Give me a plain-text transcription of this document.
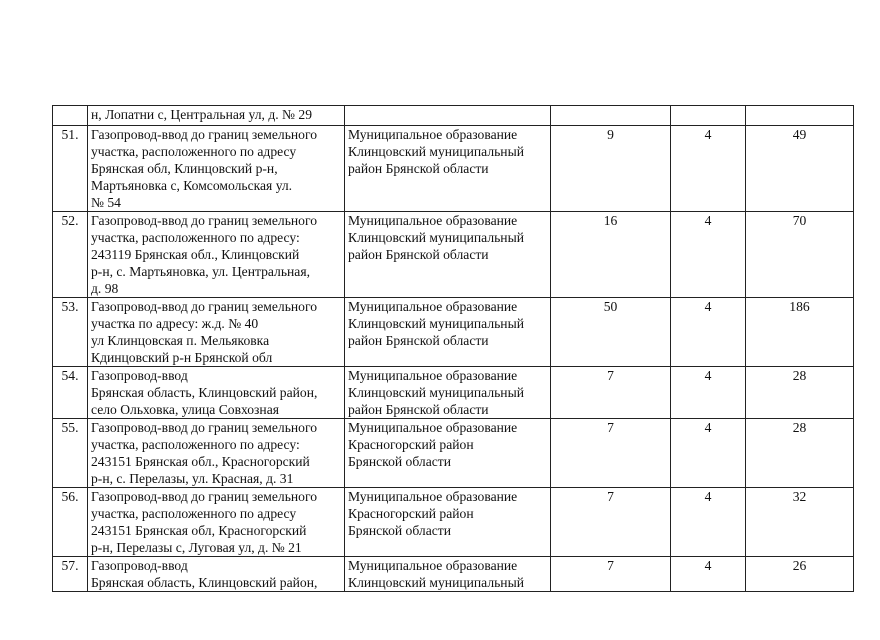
	н, Лопатни с, Центральная ул, д. № 29				
51.	Газопровод-ввод до границ земельного
участка, расположенного по адресу
Брянская обл, Клинцовский р-н,
Мартьяновка с, Комсомольская ул.
№ 54	Муниципальное образование
Клинцовский муниципальный
район Брянской области	9	4	49
52.	Газопровод-ввод до границ земельного
участка, расположенного по адресу:
243119 Брянская обл., Клинцовский
р-н, с. Мартьяновка, ул. Центральная,
д. 98	Муниципальное образование
Клинцовский муниципальный
район Брянской области	16	4	70
53.	Газопровод-ввод до границ земельного
участка по адресу: ж.д. № 40
ул Клинцовская п. Мельяковка
Кдинцовский р-н Брянской обл	Муниципальное образование
Клинцовский муниципальный
район Брянской области	50	4	186
54.	Газопровод-ввод
Брянская область, Клинцовский район,
село Ольховка, улица Совхозная	Муниципальное образование
Клинцовский муниципальный
район Брянской области	7	4	28
55.	Газопровод-ввод до границ земельного
участка, расположенного по адресу:
243151 Брянская обл., Красногорский
р-н, с. Перелазы, ул. Красная, д. 31	Муниципальное образование
Красногорский район
Брянской области	7	4	28
56.	Газопровод-ввод до границ земельного
участка, расположенного по адресу
243151 Брянская обл, Красногорский
р-н, Перелазы с, Луговая ул, д. № 21	Муниципальное образование
Красногорский район
Брянской области	7	4	32
57.	Газопровод-ввод
Брянская область, Клинцовский район,	Муниципальное образование
Клинцовский муниципальный	7	4	26
